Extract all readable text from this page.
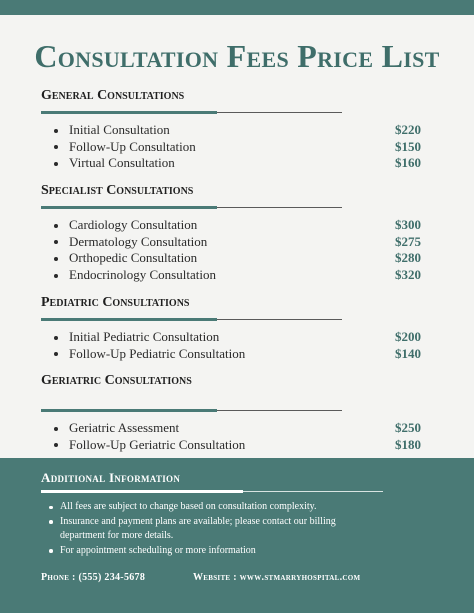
Consultation Fees Price List
General Consultations
Initial Consultation	$220
Follow-Up Consultation	$150
Virtual Consultation	$160
Specialist Consultations
Cardiology Consultation	$300
Dermatology Consultation	$275
Orthopedic Consultation	$280
Endocrinology Consultation	$320
Pediatric Consultations
Initial Pediatric Consultation	$200
Follow-Up Pediatric Consultation	$140
Geriatric Consultations
Geriatric Assessment	$250
Follow-Up Geriatric Consultation	$180
Additional Information
All fees are subject to change based on consultation complexity.
Insurance and payment plans are available; please contact our billing department for more details.
For appointment scheduling or more information
Phone : (555) 234-5678	Website : www.stmarryhospital.com
